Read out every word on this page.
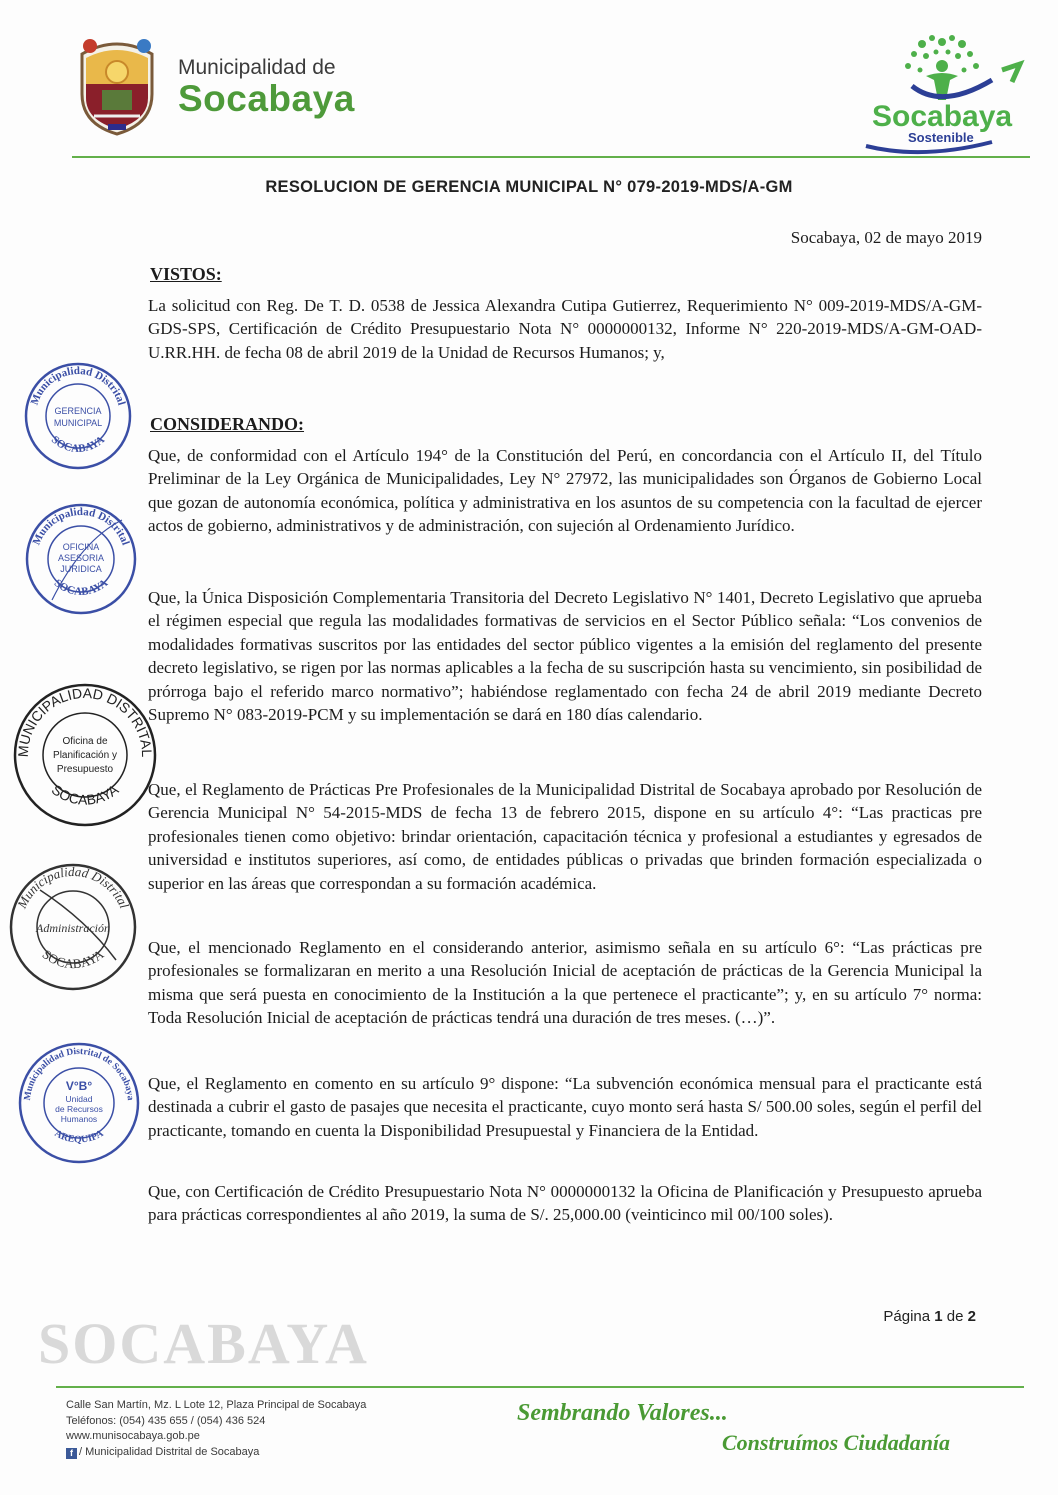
Municipalidad de
Socabaya	Socabaya
Sostenible
RESOLUCION DE GERENCIA MUNICIPAL N° 079-2019-MDS/A-GM
Socabaya, 02 de mayo 2019
VISTOS:
La solicitud con Reg. De T. D. 0538 de Jessica Alexandra Cutipa Gutierrez, Requerimiento N° 009-2019-MDS/A-GM-GDS-SPS, Certificación de Crédito Presupuestario Nota N° 0000000132, Informe N° 220-2019-MDS/A-GM-OAD-U.RR.HH. de fecha 08 de abril 2019 de la Unidad de Recursos Humanos; y,
CONSIDERANDO:
Que, de conformidad con el Artículo 194° de la Constitución del Perú, en concordancia con el Artículo II, del Título Preliminar de la Ley Orgánica de Municipalidades, Ley N° 27972, las municipalidades son Órganos de Gobierno Local que gozan de autonomía económica, política y administrativa en los asuntos de su competencia con la facultad de ejercer actos de gobierno, administrativos y de administración, con sujeción al Ordenamiento Jurídico.
Que, la Única Disposición Complementaria Transitoria del Decreto Legislativo N° 1401, Decreto Legislativo que aprueba el régimen especial que regula las modalidades formativas de servicios en el Sector Público señala: “Los convenios de modalidades formativas suscritos por las entidades del sector público vigentes a la emisión del reglamento del presente decreto legislativo, se rigen por las normas aplicables a la fecha de su suscripción hasta su vencimiento, sin posibilidad de prórroga bajo el referido marco normativo”; habiéndose reglamentado con fecha 24 de abril 2019 mediante Decreto Supremo N° 083-2019-PCM y su implementación se dará en 180 días calendario.
Que, el Reglamento de Prácticas Pre Profesionales de la Municipalidad Distrital de Socabaya aprobado por Resolución de Gerencia Municipal N° 54-2015-MDS de fecha 13 de febrero 2015, dispone en su artículo 4°: “Las practicas pre profesionales tienen como objetivo: brindar orientación, capacitación técnica y profesional a estudiantes y egresados de universidad e institutos superiores, así como, de entidades públicas o privadas que brinden formación especializada o superior en las áreas que correspondan a su formación académica.
Que, el mencionado Reglamento en el considerando anterior, asimismo señala en su artículo 6°: “Las prácticas pre profesionales se formalizaran en merito a una Resolución Inicial de aceptación de prácticas de la Gerencia Municipal la misma que será puesta en conocimiento de la Institución a la que pertenece el practicante”; y, en su artículo 7° norma: Toda Resolución Inicial de aceptación de prácticas tendrá una duración de tres meses. (…)”.
Que, el Reglamento en comento en su artículo 9° dispone: “La subvención económica mensual para el practicante está destinada a cubrir el gasto de pasajes que necesita el practicante, cuyo monto será hasta S/ 500.00 soles, según el perfil del practicante, tomando en cuenta la Disponibilidad Presupuestal y Financiera de la Entidad.
Que, con Certificación de Crédito Presupuestario Nota N° 0000000132 la Oficina de Planificación y Presupuesto aprueba para prácticas correspondientes al año 2019, la suma de S/. 25,000.00 (veinticinco mil 00/100 soles).
Municipalidad Distrital
SOCABAYA
GERENCIA
MUNICIPAL
Municipalidad Distrital
SOCABAYA
OFICINA
ASESORIA
JURIDICA
MUNICIPALIDAD DISTRITAL
SOCABAYA
Oficina de
Planificación y
Presupuesto
Municipalidad Distrital
SOCABAYA
Administración
Municipalidad Distrital de Socabaya
AREQUIPA
V°B°
Unidad
de Recursos
Humanos
SOCABAYA	Página 1 de 2
Calle San Martín, Mz. L Lote 12, Plaza Principal de Socabaya
Teléfonos: (054) 435 655 / (054) 436 524
www.munisocabaya.gob.pe
f / Municipalidad Distrital de Socabaya
Sembrando Valores...
Construímos Ciudadanía
